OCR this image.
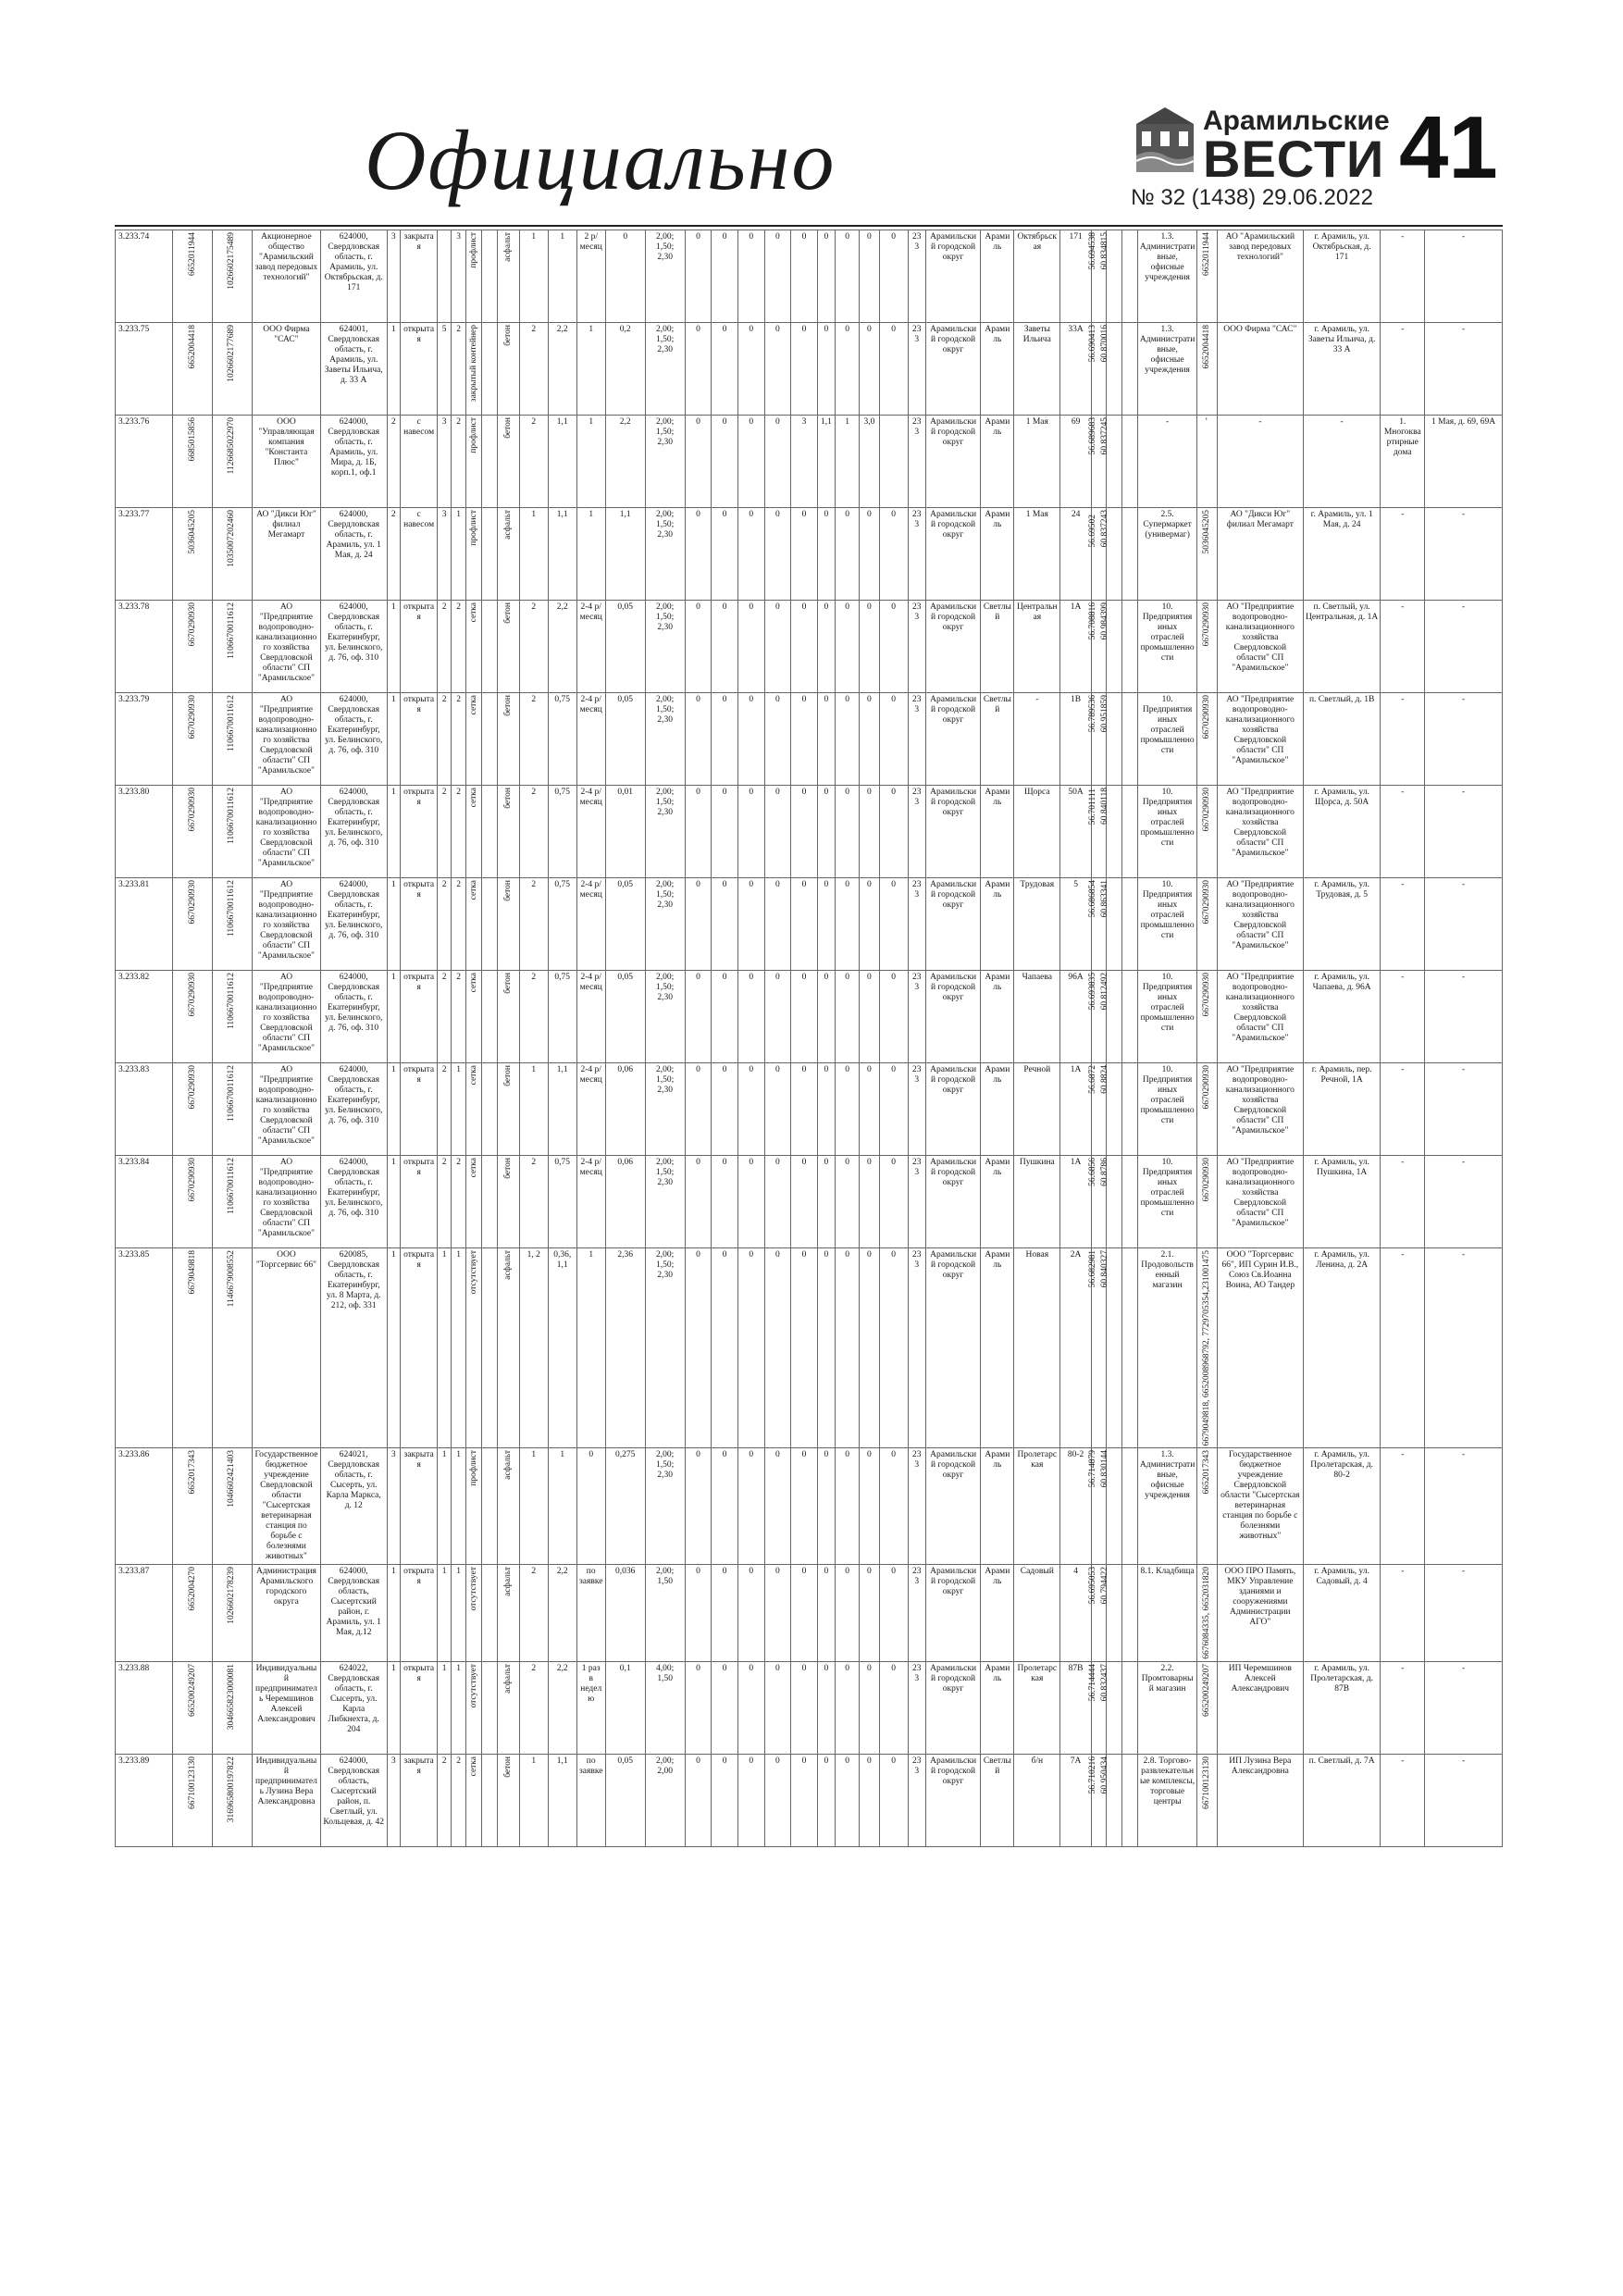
Официально	Арамильские
ВЕСТИ
№ 32 (1438) 29.06.2022
41
3.233.74	6652011944	1026602175489	Акционерное общество "Арамильский завод передовых технологий"	624000, Свердловская область, г. Арамиль, ул. Октябрьская, д. 171	3	закрытая		3	профлист		асфальт	1	1	2 р/месяц	0	2,00; 1,50; 2,30	0	0	0	0	0	0	0	0	0	233	Арамильский городской округ	Арамиль	Октябрьская	171	56.694538 60.834815			1.3. Административные, офисные учреждения	6652011944	АО "Арамильский завод передовых технологий"	г. Арамиль, ул. Октябрьская, д. 171	-	-
3.233.75	6652004418	1026602177689	ООО Фирма "САС"	624001, Свердловская область, г. Арамиль, ул. Заветы Ильича, д. 33 А	1	открытая	5	2	закрытый контейнер		бетон	2	2,2	1	0,2	2,00; 1,50; 2,30	0	0	0	0	0	0	0	0	0	233	Арамильский городской округ	Арамиль	Заветы Ильича	33А	56.690413 60.870016			1.3. Административные, офисные учреждения	6652004418	ООО Фирма "САС"	г. Арамиль, ул. Заветы Ильича, д. 33 А	-	-
3.233.76	6685015856	1126685022970	ООО "Управляющая компания "Константа Плюс"	624000, Свердловская область, г. Арамиль, ул. Мира, д. 1Б, корп.1, оф.1	2	с навесом	3	2	профлист		бетон	2	1,1	1	2,2	2,00; 1,50; 2,30	0	0	0	0	3	1,1	1	3,0		233	Арамильский городской округ	Арамиль	1 Мая	69	56.689683 60.837245			-	-	-	-	1. Многоквартирные дома	1 Мая, д. 69, 69А
3.233.77	5036045205	1035007202460	АО "Дикси Юг" филиал Мегамарт	624000, Свердловская область, г. Арамиль, ул. 1 Мая, д. 24	2	с навесом	3	1	профлист		асфальт	1	1,1	1	1,1	2,00; 1,50; 2,30	0	0	0	0	0	0	0	0	0	233	Арамильский городской округ	Арамиль	1 Мая	24	56.69502 60.837243			2.5. Супермаркет (универмаг)	5036045205	АО "Дикси Юг" филиал Мегамарт	г. Арамиль, ул. 1 Мая, д. 24	-	-
3.233.78	6670290930	1106670011612	АО "Предприятие водопроводно-канализационного хозяйства Свердловской области" СП "Арамильское"	624000, Свердловская область, г. Екатеринбург, ул. Белинского, д. 76, оф. 310	1	открытая	2	2	сетка		бетон	2	2,2	2-4 р/месяц	0,05	2,00; 1,50; 2,30	0	0	0	0	0	0	0	0	0	233	Арамильский городской округ	Светлый	Центральная	1А	56.708816 60.984399			10. Предприятия иных отраслей промышленности	6670290930	АО "Предприятие водопроводно-канализационного хозяйства Свердловской области" СП "Арамильское"	п. Светлый, ул. Центральная, д. 1А	-	-
3.233.79	6670290930	1106670011612	АО "Предприятие водопроводно-канализационного хозяйства Свердловской области" СП "Арамильское"	624000, Свердловская область, г. Екатеринбург, ул. Белинского, д. 76, оф. 310	1	открытая	2	2	сетка		бетон	2	0,75	2-4 р/месяц	0,05	2,00; 1,50; 2,30	0	0	0	0	0	0	0	0	0	233	Арамильский городской округ	Светлый	-	1В	56.789536 60.951859			10. Предприятия иных отраслей промышленности	6670290930	АО "Предприятие водопроводно-канализационного хозяйства Свердловской области" СП "Арамильское"	п. Светлый, д. 1В	-	-
3.233.80	6670290930	1106670011612	АО "Предприятие водопроводно-канализационного хозяйства Свердловской области" СП "Арамильское"	624000, Свердловская область, г. Екатеринбург, ул. Белинского, д. 76, оф. 310	1	открытая	2	2	сетка		бетон	2	0,75	2-4 р/месяц	0,01	2,00; 1,50; 2,30	0	0	0	0	0	0	0	0	0	233	Арамильский городской округ	Арамиль	Щорса	50А	56.701111 60.840118			10. Предприятия иных отраслей промышленности	6670290930	АО "Предприятие водопроводно-канализационного хозяйства Свердловской области" СП "Арамильское"	г. Арамиль, ул. Щорса, д. 50А	-	-
3.233.81	6670290930	1106670011612	АО "Предприятие водопроводно-канализационного хозяйства Свердловской области" СП "Арамильское"	624000, Свердловская область, г. Екатеринбург, ул. Белинского, д. 76, оф. 310	1	открытая	2	2	сетка		бетон	2	0,75	2-4 р/месяц	0,05	2,00; 1,50; 2,30	0	0	0	0	0	0	0	0	0	233	Арамильский городской округ	Арамиль	Трудовая	5	56.686854 60.863341			10. Предприятия иных отраслей промышленности	6670290930	АО "Предприятие водопроводно-канализационного хозяйства Свердловской области" СП "Арамильское"	г. Арамиль, ул. Трудовая, д. 5	-	-
3.233.82	6670290930	1106670011612	АО "Предприятие водопроводно-канализационного хозяйства Свердловской области" СП "Арамильское"	624000, Свердловская область, г. Екатеринбург, ул. Белинского, д. 76, оф. 310	1	открытая	2	2	сетка		бетон	2	0,75	2-4 р/месяц	0,05	2,00; 1,50; 2,30	0	0	0	0	0	0	0	0	0	233	Арамильский городской округ	Арамиль	Чапаева	96А	56.693835 60.812492			10. Предприятия иных отраслей промышленности	6670290930	АО "Предприятие водопроводно-канализационного хозяйства Свердловской области" СП "Арамильское"	г. Арамиль, ул. Чапаева, д. 96А	-	-
3.233.83	6670290930	1106670011612	АО "Предприятие водопроводно-канализационного хозяйства Свердловской области" СП "Арамильское"	624000, Свердловская область, г. Екатеринбург, ул. Белинского, д. 76, оф. 310	1	открытая	2	1	сетка		бетон	1	1,1	2-4 р/месяц	0,06	2,00; 1,50; 2,30	0	0	0	0	0	0	0	0	0	233	Арамильский городской округ	Арамиль	Речной	1А	56.6872 60.8824			10. Предприятия иных отраслей промышленности	6670290930	АО "Предприятие водопроводно-канализационного хозяйства Свердловской области" СП "Арамильское"	г. Арамиль, пер. Речной, 1А	-	-
3.233.84	6670290930	1106670011612	АО "Предприятие водопроводно-канализационного хозяйства Свердловской области" СП "Арамильское"	624000, Свердловская область, г. Екатеринбург, ул. Белинского, д. 76, оф. 310	1	открытая	2	2	сетка		бетон	2	0,75	2-4 р/месяц	0,06	2,00; 1,50; 2,30	0	0	0	0	0	0	0	0	0	233	Арамильский городской округ	Арамиль	Пушкина	1А	56.6856 60.8786			10. Предприятия иных отраслей промышленности	6670290930	АО "Предприятие водопроводно-канализационного хозяйства Свердловской области" СП "Арамильское"	г. Арамиль, ул. Пушкина, 1А	-	-
3.233.85	6679049818	1146679008552	ООО "Торгсервис 66"	620085, Свердловская область, г. Екатеринбург, ул. 8 Марта, д. 212, оф. 331	1	открытая	1	1	отсутствует		асфальт	1, 2	0,36, 1,1	1	2,36	2,00; 1,50; 2,30	0	0	0	0	0	0	0	0	0	233	Арамильский городской округ	Арамиль	Новая	2А	56.682981 60.840327			2.1. Продовольственный магазин	6679049818, 6652008968792, 7729705354,231001475	ООО "Торгсервис 66", ИП Сурин И.В., Союз Св.Иоанна Воина, АО Тандер	г. Арамиль, ул. Ленина, д. 2А	-	-
3.233.86	6652017343	1046602421403	Государственное бюджетное учреждение Свердловской области "Сысертская ветеринарная станция по борьбе с болезнями животных"	624021, Свердловская область, г. Сысерть, ул. Карла Маркса, д. 12	3	закрытая	1	1	профлист		асфальт	1	1	0	0,275	2,00; 1,50; 2,30	0	0	0	0	0	0	0	0	0	233	Арамильский городской округ	Арамиль	Пролетарская	80-2	56.714879 60.830144			1.3. Административные, офисные учреждения	6652017343	Государственное бюджетное учреждение Свердловской области "Сысертская ветеринарная станция по борьбе с болезнями животных"	г. Арамиль, ул. Пролетарская, д. 80-2	-	-
3.233.87	6652004270	1026602178239	Администрация Арамильского городского округа	624000, Свердловская область, Сысертский район, г. Арамиль, ул. 1 Мая, д.12	1	открытая	1	1	отсутствует		асфальт	2	2,2	по заявке	0,036	2,00; 1,50	0	0	0	0	0	0	0	0	0	233	Арамильский городской округ	Арамиль	Садовый	4	56.695053 60.794422			8.1. Кладбища	6676084335, 6652031820	ООО ПРО Память, МКУ Управление зданиями и сооружениями Администрации АГО"	г. Арамиль, ул. Садовый, д. 4	-	-
3.233.88	665200249207	304665823000081	Индивидуальный предприниматель Черемшинов Алексей Александрович	624022, Свердловская область, г. Сысерть, ул. Карла Либкнехта, д. 204	1	открытая	1	1	отсутствует		асфальт	2	2,2	1 раз в неделю	0,1	4,00; 1,50	0	0	0	0	0	0	0	0	0	233	Арамильский городской округ	Арамиль	Пролетарская	87В	56.714444 60.832437			2.2. Промтоварный магазин	665200249207	ИП Черемшинов Алексей Александрович	г. Арамиль, ул. Пролетарская, д. 87В	-	-
3.233.89	667100123130	316965800197822	Индивидуальный предприниматель Лузина Вера Александровна	624000, Свердловская область, Сысертский район, п. Светлый, ул. Кольцевая, д. 42	3	закрытая	2	2	сетка		бетон	1	1,1	по заявке	0,05	2,00; 2,00	0	0	0	0	0	0	0	0	0	233	Арамильский городской округ	Светлый	б/н	7А	56.710216 60.950434			2.8. Торгово-развлекательные комплексы, торговые центры	667100123130	ИП Лузина Вера Александровна	п. Светлый, д. 7А	-	-
